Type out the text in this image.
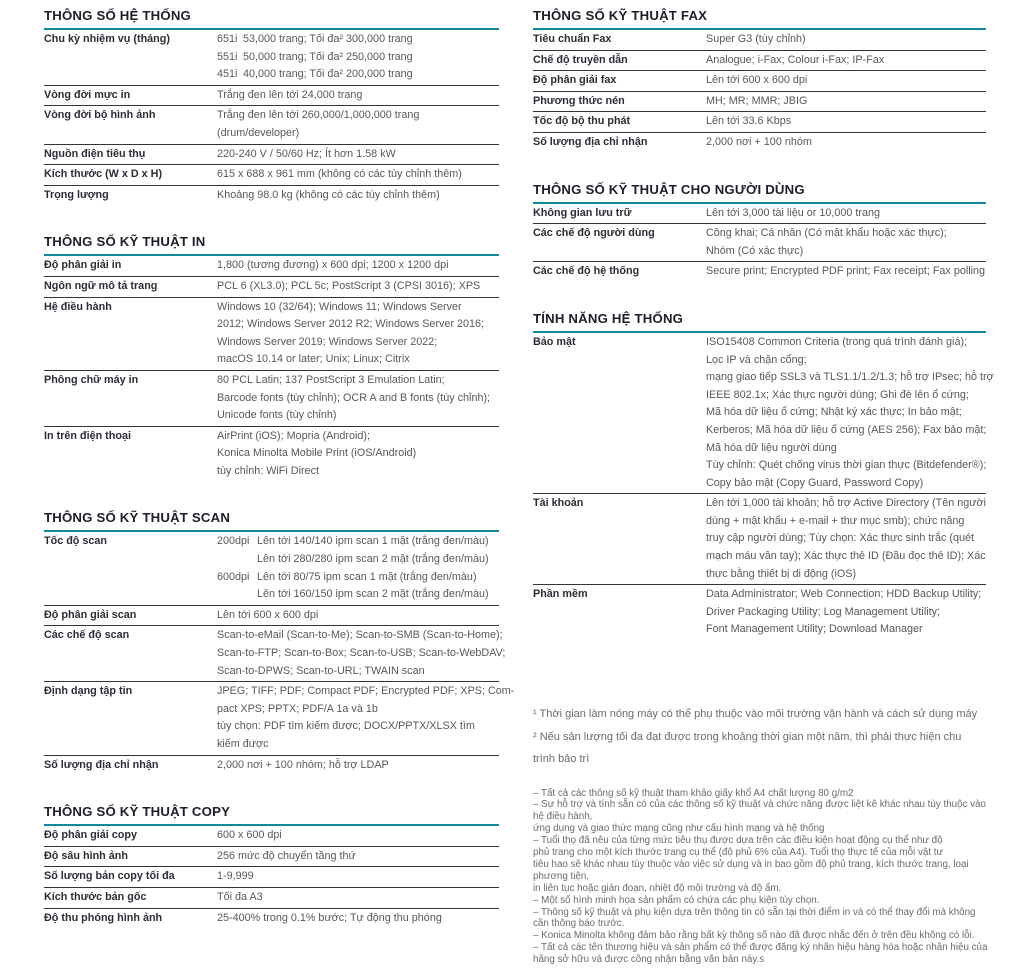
THÔNG SỐ HỆ THỐNG
Chu kỳ nhiệm vụ (tháng)	651i 53,000 trang; Tối đa² 300,000 trang
551i 50,000 trang; Tối đa² 250,000 trang
451i 40,000 trang; Tối đa² 200,000 trang
Vòng đời mực in	Trắng đen lên tới 24,000 trang
Vòng đời bộ hình ảnh	Trắng đen lên tới 260,000/1,000,000 trang
(drum/developer)
Nguồn điện tiêu thụ	220-240 V / 50/60 Hz; Ít hơn 1.58 kW
Kích thước (W x D x H)	615 x 688 x 961 mm (không có các tùy chỉnh thêm)
Trọng lượng	Khoảng 98.0 kg (không có các tùy chỉnh thêm)
THÔNG SỐ KỸ THUẬT IN
Độ phân giải in	1,800 (tương đương) x 600 dpi; 1200 x 1200 dpi
Ngôn ngữ mô tả trang	PCL 6 (XL3.0); PCL 5c; PostScript 3 (CPSI 3016); XPS
Hệ điều hành	Windows 10 (32/64); Windows 11; Windows Server
2012; Windows Server 2012 R2; Windows Server 2016;
Windows Server 2019; Windows Server 2022;
macOS 10.14 or later; Unix; Linux; Citrix
Phông chữ máy in	80 PCL Latin; 137 PostScript 3 Emulation Latin;
Barcode fonts (tùy chỉnh); OCR A and B fonts (tùy chỉnh);
Unicode fonts (tùy chỉnh)
In trên điện thoại	AirPrint (iOS); Mopria (Android);
Konica Minolta Mobile Print (iOS/Android)
tùy chỉnh: WiFi Direct
THÔNG SỐ KỸ THUẬT SCAN
Tốc độ scan	200dpi Lên tới 140/140 ipm scan 1 mặt (trắng đen/màu)
Lên tới 280/280 ipm scan 2 mặt (trắng đen/màu)
600dpi Lên tới 80/75 ipm scan 1 mặt (trắng đen/màu)
Lên tới 160/150 ipm scan 2 mặt (trắng đen/màu)
Độ phân giải scan	Lên tới 600 x 600 dpi
Các chế độ scan	Scan-to-eMail (Scan-to-Me); Scan-to-SMB (Scan-to-Home);
Scan-to-FTP; Scan-to-Box; Scan-to-USB; Scan-to-WebDAV;
Scan-to-DPWS; Scan-to-URL; TWAIN scan
Định dạng tập tin	JPEG; TIFF; PDF; Compact PDF; Encrypted PDF; XPS; Com-
pact XPS; PPTX; PDF/A 1a và 1b
tùy chọn: PDF tìm kiếm được; DOCX/PPTX/XLSX tìm
kiếm được
Số lượng địa chỉ nhận	2,000 nơi + 100 nhóm; hỗ trợ LDAP
THÔNG SỐ KỸ THUẬT COPY
Độ phân giải copy	600 x 600 dpi
Độ sâu hình ảnh	256 mức độ chuyển tầng thứ
Số lượng bản copy tối đa	1-9,999
Kích thước bản gốc	Tối đa A3
Độ thu phóng hình ảnh	25-400% trong 0.1% bước; Tự động thu phóng
THÔNG SỐ KỸ THUẬT FAX
Tiêu chuẩn Fax	Super G3 (tùy chỉnh)
Chế độ truyền dẫn	Analogue; i-Fax; Colour i-Fax; IP-Fax
Độ phân giải fax	Lên tới 600 x 600 dpi
Phương thức nén	MH; MR; MMR; JBIG
Tốc độ bộ thu phát	Lên tới 33.6 Kbps
Số lượng địa chỉ nhận	2,000 nơi + 100 nhóm
THÔNG SỐ KỸ THUẬT CHO NGƯỜI DÙNG
Không gian lưu trữ	Lên tới 3,000 tài liệu or 10,000 trang
Các chế độ người dùng	Công khai; Cá nhân (Có mật khẩu hoặc xác thực);
Nhóm (Có xác thực)
Các chế độ hệ thống	Secure print; Encrypted PDF print; Fax receipt; Fax polling
TÍNH NĂNG HỆ THỐNG
Bảo mật	ISO15408 Common Criteria (trong quá trình đánh giá);
Lọc IP và chặn cổng;
mạng giao tiếp SSL3 và TLS1.1/1.2/1.3; hỗ trợ IPsec; hỗ trợ
IEEE 802.1x; Xác thực người dùng; Ghi đè lên ổ cứng;
Mã hóa dữ liệu ổ cứng; Nhật ký xác thực; In bảo mật;
Kerberos; Mã hóa dữ liệu ổ cứng (AES 256); Fax bảo mật;
Mã hóa dữ liệu người dùng
Tùy chỉnh: Quét chống virus thời gian thực (Bitdefender®);
Copy bảo mật (Copy Guard, Password Copy)
Tài khoản	Lên tới 1,000 tài khoản; hỗ trợ Active Directory (Tên người
dùng + mật khẩu + e-mail + thư mục smb); chức năng
truy cập người dùng; Tùy chọn: Xác thực sinh trắc (quét
mạch máu vân tay); Xác thực thẻ ID (Đầu đọc thẻ ID); Xác
thực bằng thiết bị di động (iOS)
Phần mềm	Data Administrator; Web Connection; HDD Backup Utility;
Driver Packaging Utility; Log Management Utility;
Font Management Utility; Download Manager
¹ Thời gian làm nóng máy có thể phụ thuộc vào môi trường vận hành và cách sử dụng máy
² Nếu sản lượng tối đa đạt được trong khoảng thời gian một năm, thì phải thực hiện chu
trình bảo trì
– Tất cả các thông số kỹ thuật tham khảo giấy khổ A4 chất lượng 80 g/m2
– Sự hỗ trợ và tính sẵn có của các thông số kỹ thuật và chức năng được liệt kê khác nhau tùy thuộc vào
hệ điều hành,
ứng dụng và giao thức mạng cũng như cấu hình mạng và hệ thống
– Tuổi thọ đã nêu của từng mức tiêu thụ được dựa trên các điều kiện hoạt động cụ thể như độ
phủ trang cho một kích thước trang cụ thể (độ phủ 6% của A4). Tuổi thọ thực tế của mỗi vật tư
tiêu hao sẽ khác nhau tùy thuộc vào việc sử dụng và in bao gồm độ phủ trang, kích thước trang, loại
phương tiện,
in liên tục hoặc gián đoạn, nhiệt độ môi trường và độ ẩm.
– Một số hình minh họa sản phẩm có chứa các phụ kiện tùy chọn.
– Thông số kỹ thuật và phụ kiện dựa trên thông tin có sẵn tại thời điểm in và có thể thay đổi mà không
cần thông báo trước.
– Konica Minolta không đảm bảo rằng bất kỳ thông số nào đã được nhắc đến ở trên đều không có lỗi.
– Tất cả các tên thương hiệu và sản phẩm có thể được đăng ký nhãn hiệu hàng hóa hoặc nhãn hiệu của
hãng sở hữu và được công nhận bằng văn bản này.s
